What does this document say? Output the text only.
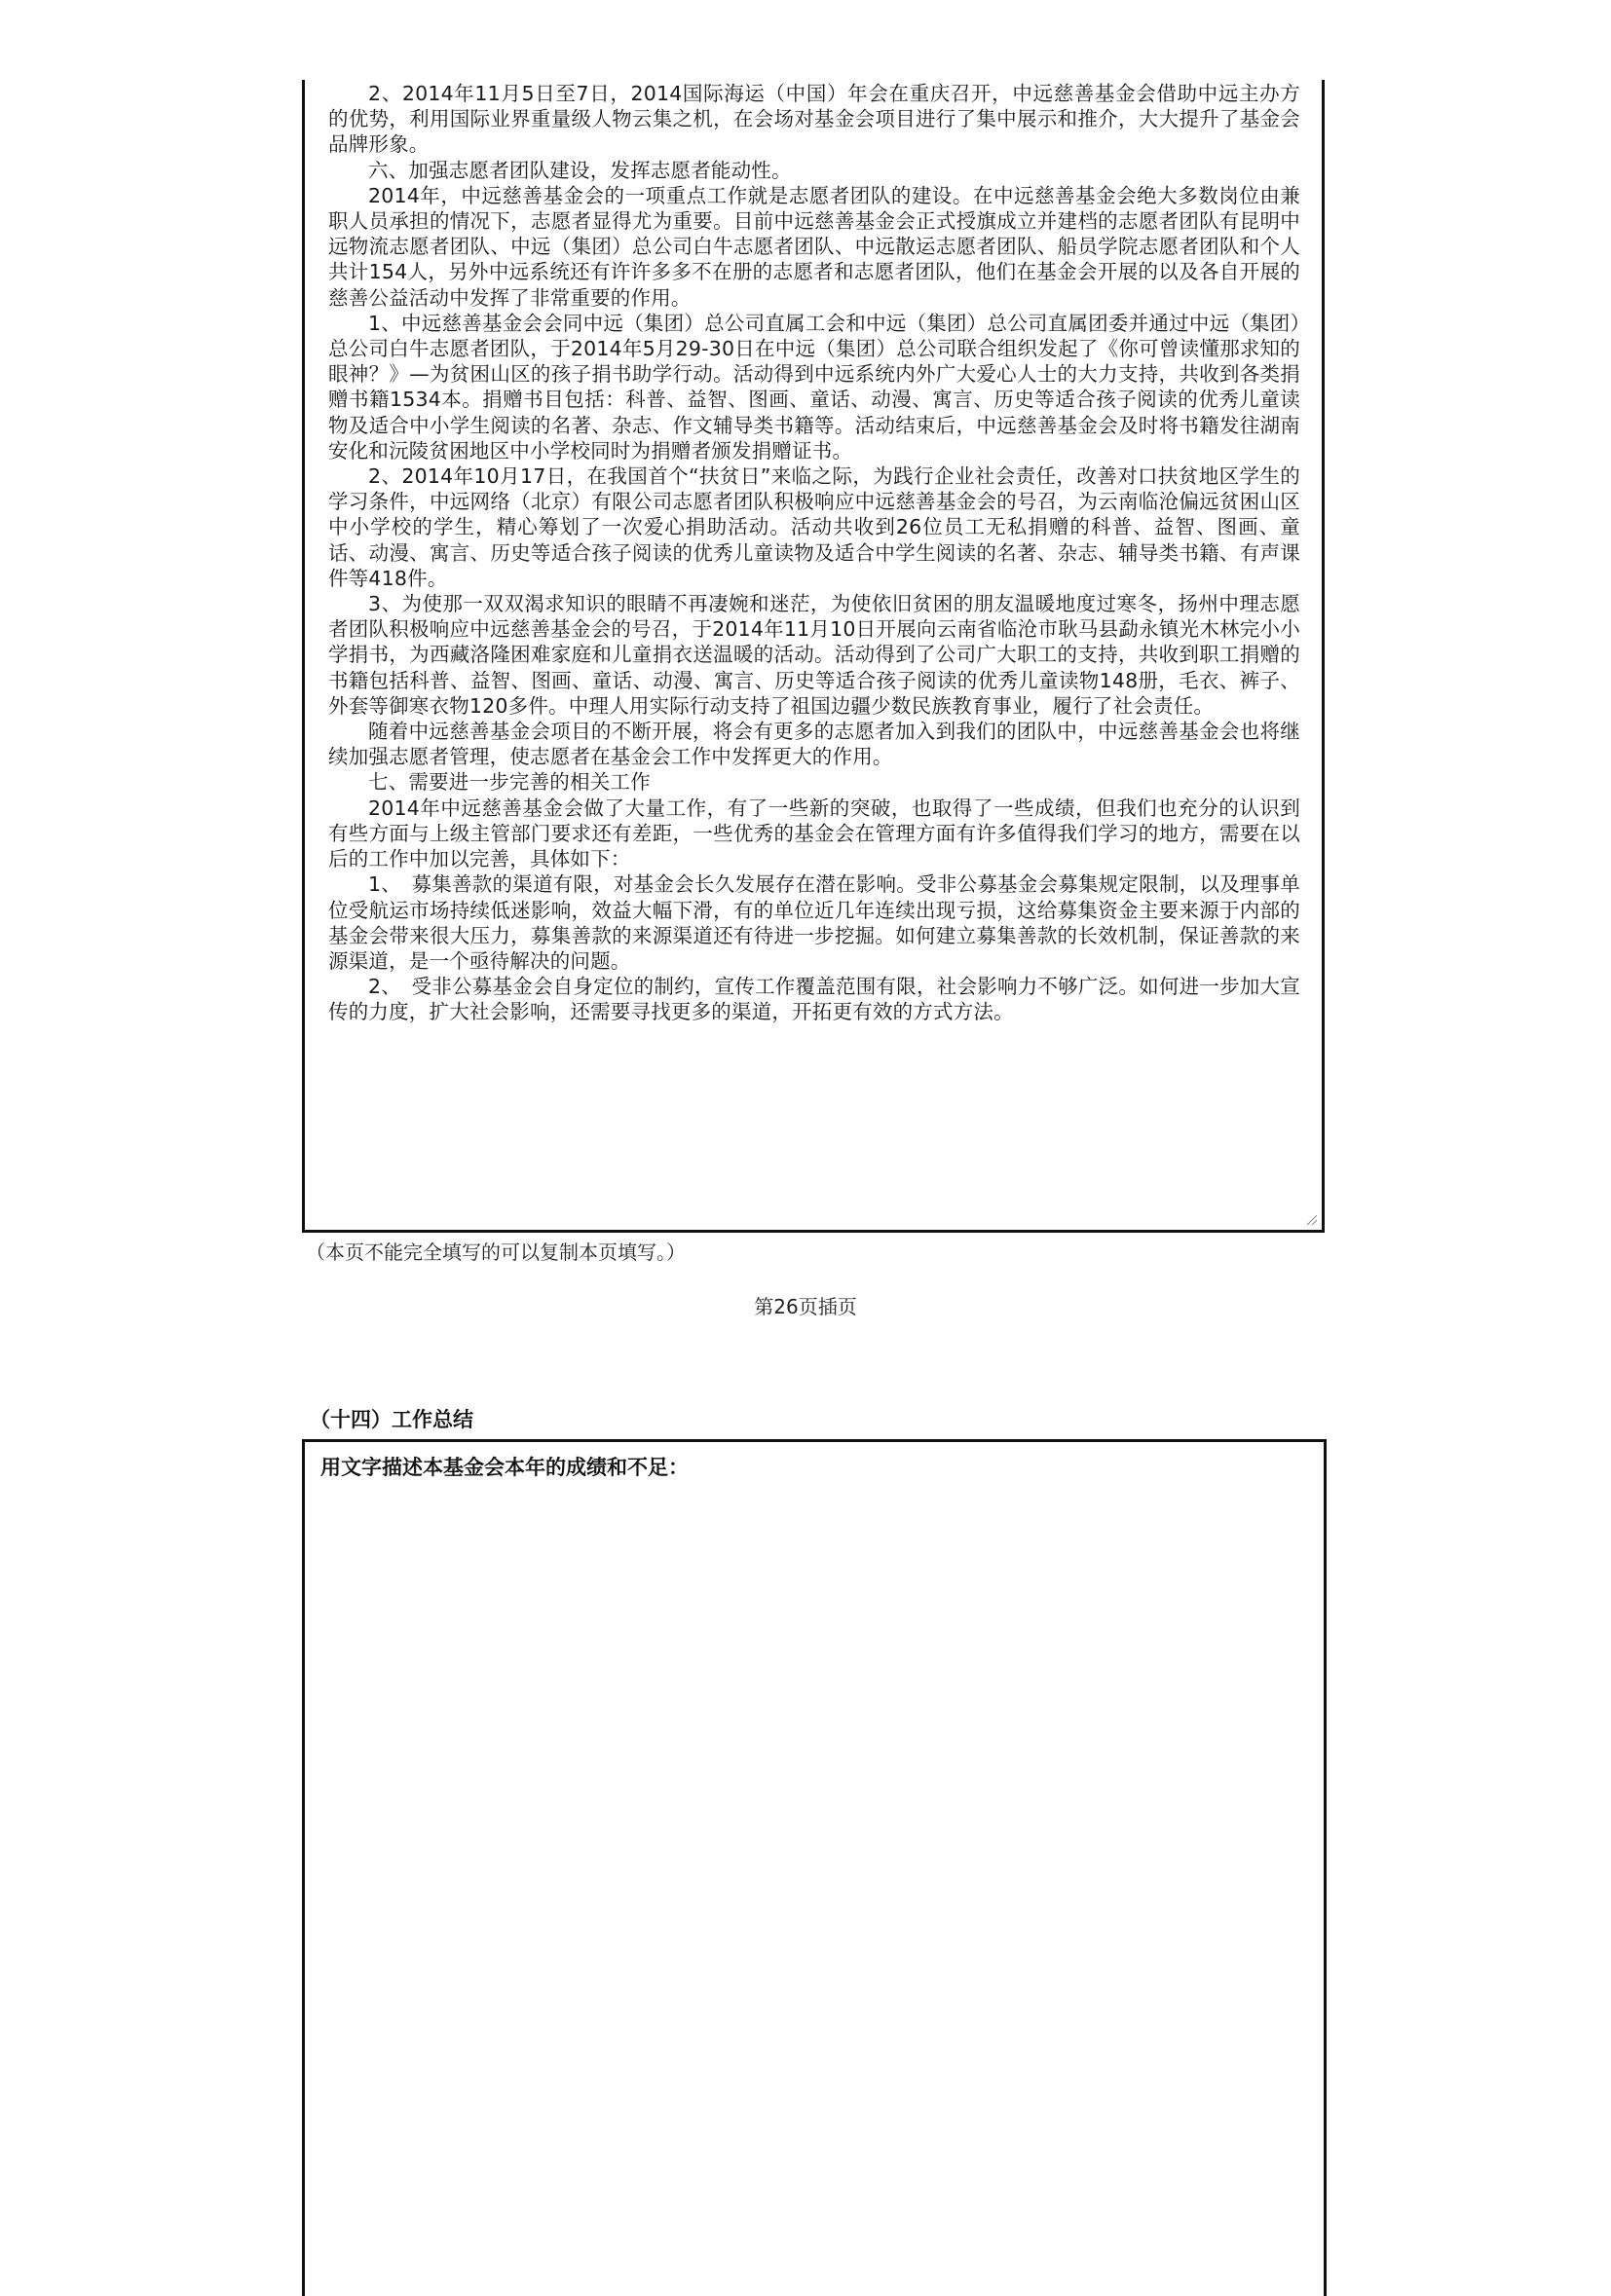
2、2014年11月5日至7日，2014国际海运（中国）年会在重庆召开，中远慈善基金会借助中远主办方的优势，利用国际业界重量级人物云集之机，在会场对基金会项目进行了集中展示和推介，大大提升了基金会品牌形象。

六、加强志愿者团队建设，发挥志愿者能动性。

2014年，中远慈善基金会的一项重点工作就是志愿者团队的建设。在中远慈善基金会绝大多数岗位由兼职人员承担的情况下，志愿者显得尤为重要。目前中远慈善基金会正式授旗成立并建档的志愿者团队有昆明中远物流志愿者团队、中远（集团）总公司白牛志愿者团队、中远散运志愿者团队、船员学院志愿者团队和个人共计154人，另外中远系统还有许许多多不在册的志愿者和志愿者团队，他们在基金会开展的以及各自开展的慈善公益活动中发挥了非常重要的作用。

1、中远慈善基金会会同中远（集团）总公司直属工会和中远（集团）总公司直属团委并通过中远（集团）总公司白牛志愿者团队，于2014年5月29-30日在中远（集团）总公司联合组织发起了《你可曾读懂那求知的眼神？》—为贫困山区的孩子捐书助学行动。活动得到中远系统内外广大爱心人士的大力支持，共收到各类捐赠书籍1534本。捐赠书目包括：科普、益智、图画、童话、动漫、寓言、历史等适合孩子阅读的优秀儿童读物及适合中小学生阅读的名著、杂志、作文辅导类书籍等。活动结束后，中远慈善基金会及时将书籍发往湖南安化和沅陵贫困地区中小学校同时为捐赠者颁发捐赠证书。

2、2014年10月17日，在我国首个“扶贫日”来临之际，为践行企业社会责任，改善对口扶贫地区学生的学习条件，中远网络（北京）有限公司志愿者团队积极响应中远慈善基金会的号召，为云南临沧偏远贫困山区中小学校的学生，精心筹划了一次爱心捐助活动。活动共收到26位员工无私捐赠的科普、益智、图画、童话、动漫、寓言、历史等适合孩子阅读的优秀儿童读物及适合中学生阅读的名著、杂志、辅导类书籍、有声课件等418件。

3、为使那一双双渴求知识的眼睛不再凄婉和迷茫，为使依旧贫困的朋友温暖地度过寒冬，扬州中理志愿者团队积极响应中远慈善基金会的号召，于2014年11月10日开展向云南省临沧市耿马县勐永镇光木林完小小学捐书，为西藏洛隆困难家庭和儿童捐衣送温暖的活动。活动得到了公司广大职工的支持，共收到职工捐赠的书籍包括科普、益智、图画、童话、动漫、寓言、历史等适合孩子阅读的优秀儿童读物148册，毛衣、裤子、外套等御寒衣物120多件。中理人用实际行动支持了祖国边疆少数民族教育事业，履行了社会责任。

随着中远慈善基金会项目的不断开展，将会有更多的志愿者加入到我们的团队中，中远慈善基金会也将继续加强志愿者管理，使志愿者在基金会工作中发挥更大的作用。

七、需要进一步完善的相关工作

2014年中远慈善基金会做了大量工作，有了一些新的突破，也取得了一些成绩，但我们也充分的认识到有些方面与上级主管部门要求还有差距，一些优秀的基金会在管理方面有许多值得我们学习的地方，需要在以后的工作中加以完善，具体如下：

1、　募集善款的渠道有限，对基金会长久发展存在潜在影响。受非公募基金会募集规定限制，以及理事单位受航运市场持续低迷影响，效益大幅下滑，有的单位近几年连续出现亏损，这给募集资金主要来源于内部的基金会带来很大压力，募集善款的来源渠道还有待进一步挖掘。如何建立募集善款的长效机制，保证善款的来源渠道，是一个亟待解决的问题。

2、　受非公募基金会自身定位的制约，宣传工作覆盖范围有限，社会影响力不够广泛。如何进一步加大宣传的力度，扩大社会影响，还需要寻找更多的渠道，开拓更有效的方式方法。

（本页不能完全填写的可以复制本页填写。）
第26页插页
（十四）工作总结
用文字描述本基金会本年的成绩和不足：
